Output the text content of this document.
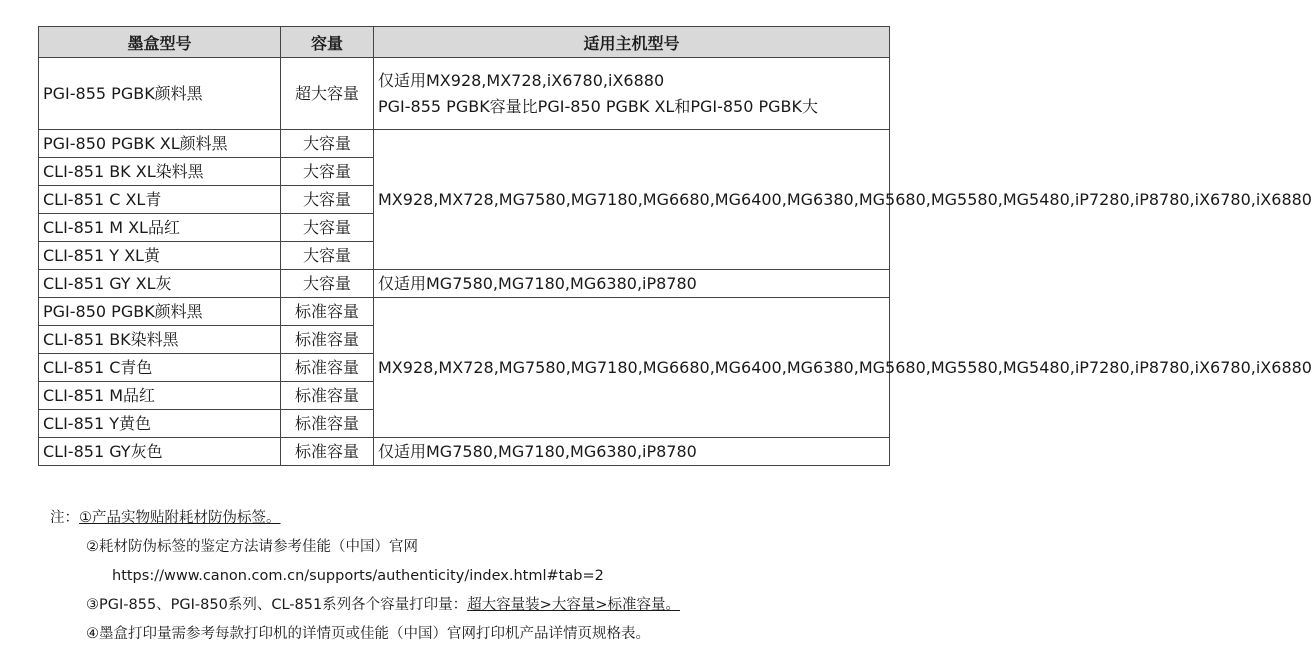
墨盒型号	容量	适用主机型号
PGI-855 PGBK颜料黑	超大容量	仅适用MX928,MX728,iX6780,iX6880
PGI-855 PGBK容量比PGI-850 PGBK XL和PGI-850 PGBK大

PGI-850 PGBK XL颜料黑	大容量	MX928,MX728,MG7580,MG7180,MG6680,MG6400,MG6380,MG5680,MG5580,MG5480,iP7280,iP8780,iX6780,iX6880
CLI-851 BK XL染料黑	大容量	
CLI-851 C XL青	大容量	
CLI-851 M XL品红	大容量	
CLI-851 Y XL黄	大容量	
CLI-851 GY XL灰	大容量	仅适用MG7580,MG7180,MG6380,iP8780
PGI-850 PGBK颜料黑	标准容量	MX928,MX728,MG7580,MG7180,MG6680,MG6400,MG6380,MG5680,MG5580,MG5480,iP7280,iP8780,iX6780,iX6880
CLI-851 BK染料黑	标准容量	
CLI-851 C青色	标准容量	
CLI-851 M品红	标准容量	
CLI-851 Y黄色	标准容量	
CLI-851 GY灰色	标准容量	仅适用MG7580,MG7180,MG6380,iP8780
注：①产品实物贴附耗材防伪标签。
②耗材防伪标签的鉴定方法请参考佳能（中国）官网
https://www.canon.com.cn/supports/authenticity/index.html#tab=2
③PGI-855、PGI-850系列、CL-851系列各个容量打印量：超大容量装>大容量>标准容量。
④墨盒打印量需参考每款打印机的详情页或佳能（中国）官网打印机产品详情页规格表。
